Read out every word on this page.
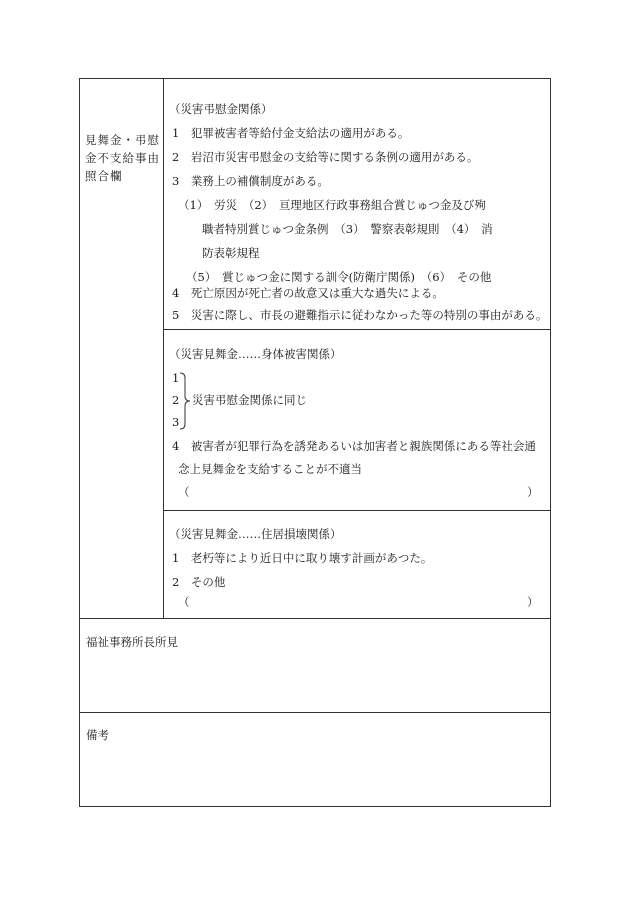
見舞金・弔慰
金不支給事由
照合欄
（災害弔慰金関係）
1　犯罪被害者等給付金支給法の適用がある。
2　岩沼市災害弔慰金の支給等に関する条例の適用がある。
3　業務上の補償制度がある。
（1）　労災　（2）　亘理地区行政事務組合賞じゅつ金及び殉
職者特別賞じゅつ金条例　（3）　警察表彰規則　（4）　消
防表彰規程
（5）　賞じゅつ金に関する訓令(防衛庁関係)　（6）　その他
4　死亡原因が死亡者の故意又は重大な過失による。
5　災害に際し、市長の避難指示に従わなかった等の特別の事由がある。
（災害見舞金……身体被害関係）
1
2
3
災害弔慰金関係に同じ
4　被害者が犯罪行為を誘発あるいは加害者と親族関係にある等社会通
念上見舞金を支給することが不適当
（	）
（災害見舞金……住居損壊関係）
1　老朽等により近日中に取り壊す計画があつた。
2　その他
（	）
福祉事務所長所見
備考
